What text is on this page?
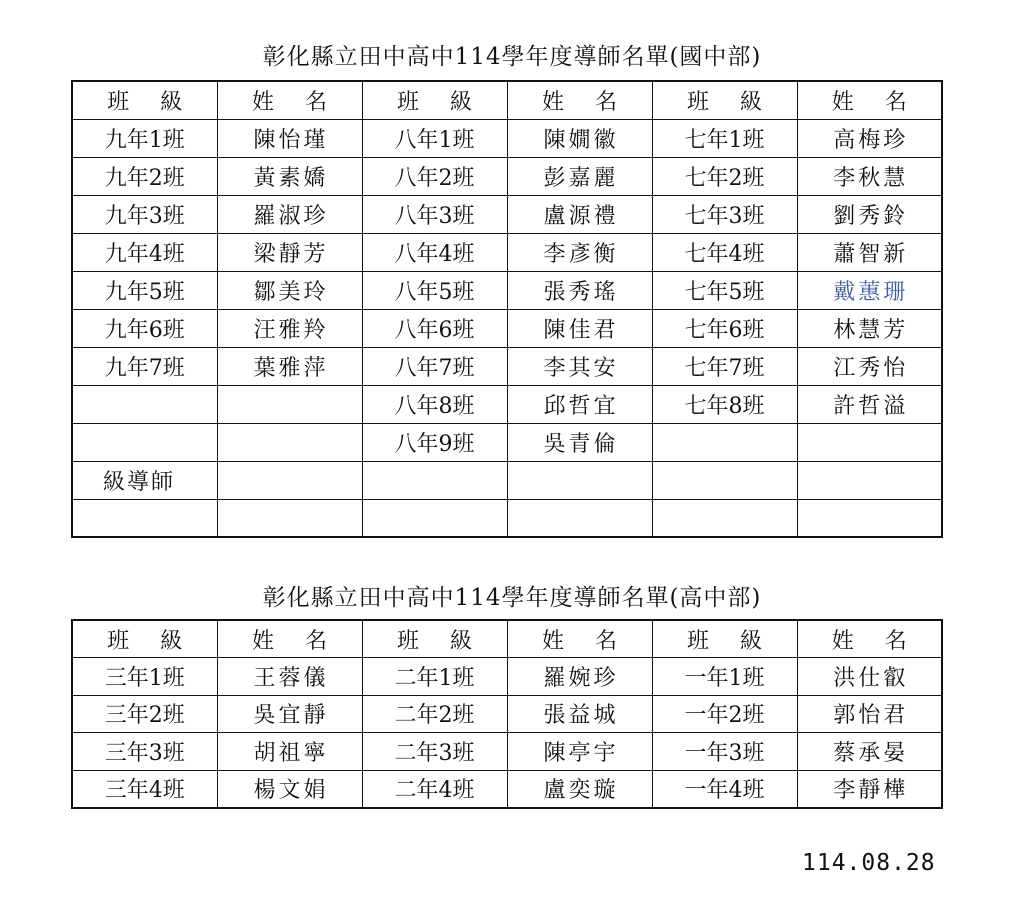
彰化縣立田中高中114學年度導師名單(國中部)
班 級	姓 名	班 級	姓 名	班 級	姓 名
九年1班	陳怡瑾	八年1班	陳嫺徽	七年1班	高梅珍
九年2班	黃素嬌	八年2班	彭嘉麗	七年2班	李秋慧
九年3班	羅淑珍	八年3班	盧源禮	七年3班	劉秀鈴
九年4班	梁靜芳	八年4班	李彥衡	七年4班	蕭智新
九年5班	鄒美玲	八年5班	張秀瑤	七年5班	戴蕙珊
九年6班	汪雅羚	八年6班	陳佳君	七年6班	林慧芳
九年7班	葉雅萍	八年7班	李其安	七年7班	江秀怡
		八年8班	邱哲宜	七年8班	許哲溢
		八年9班	吳青倫		
級導師					

彰化縣立田中高中114學年度導師名單(高中部)
班 級	姓 名	班 級	姓 名	班 級	姓 名
三年1班	王蓉儀	二年1班	羅婉珍	一年1班	洪仕叡
三年2班	吳宜靜	二年2班	張益城	一年2班	郭怡君
三年3班	胡祖寧	二年3班	陳亭宇	一年3班	蔡承晏
三年4班	楊文娟	二年4班	盧奕璇	一年4班	李靜樺
114.08.28
